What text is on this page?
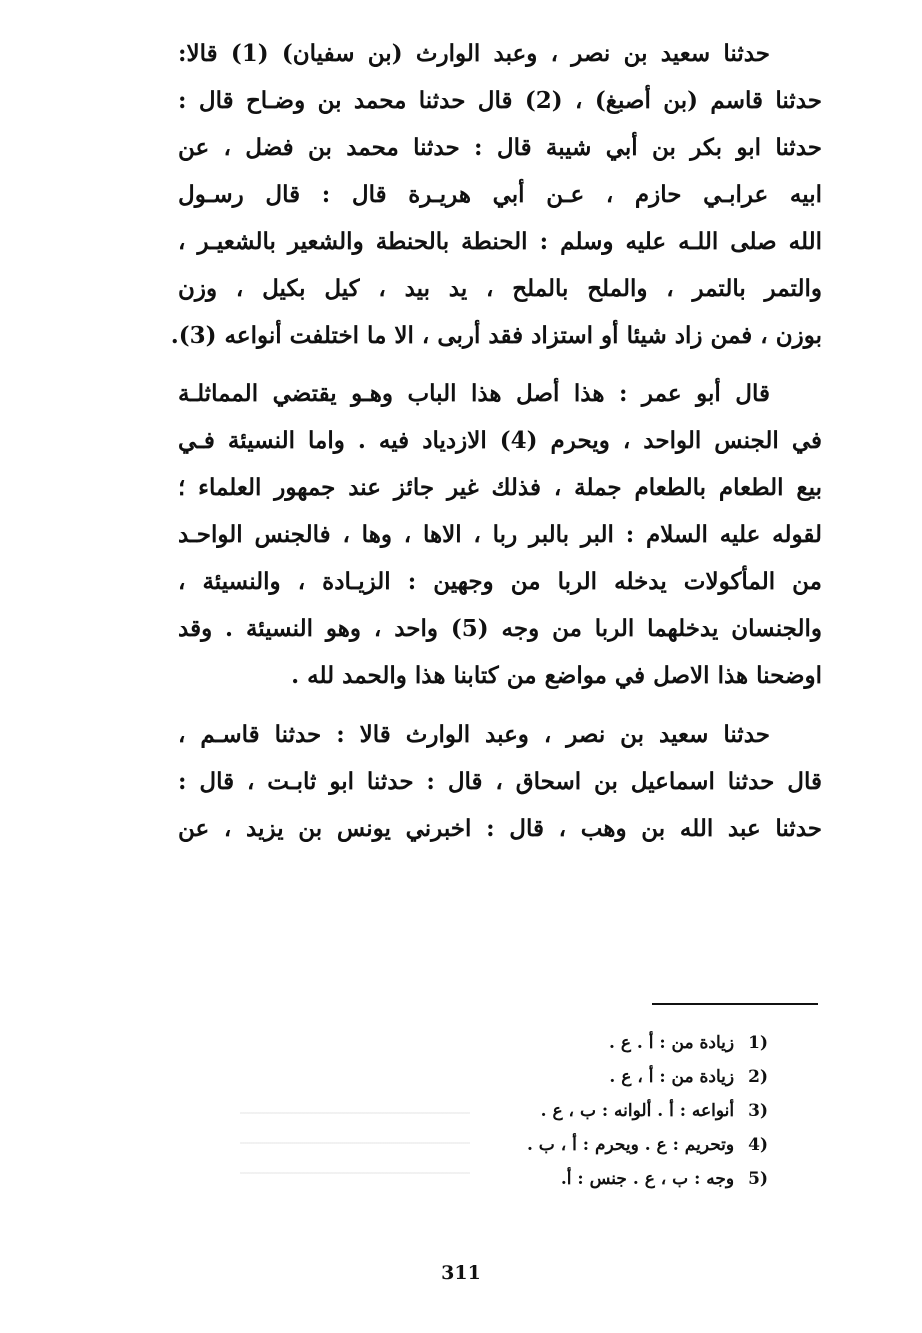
حدثنا سعيد بن نصر ، وعبد الوارث (بن سفيان) (1) قالا:
حدثنا قاسم (بن أصبغ) ، (2) قال حدثنا محمد بن وضـاح قال :
حدثنا ابو بكر بن أبي شيبة قال : حدثنا محمد بن فضل ، عن
ابيه عرابـي حازم ، عـن أبي هريـرة قال : قال رسـول
الله صلى اللـه عليه وسلم : الحنطة بالحنطة والشعير بالشعيـر ،
والتمر بالتمر ، والملح بالملح ، يد بيد ، كيل بكيل ، وزن
بوزن ، فمن زاد شيئا أو استزاد فقد أربى ، الا ما اختلفت أنواعه (3).
قال أبو عمر : هذا أصل هذا الباب وهـو يقتضي المماثلـة
في الجنس الواحد ، ويحرم (4) الازدياد فيه . واما النسيئة فـي
بيع الطعام بالطعام جملة ، فذلك غير جائز عند جمهور العلماء ؛
لقوله عليه السلام : البر بالبر ربا ، الاها ، وها ، فالجنس الواحـد
من المأكولات يدخله الربا من وجهين : الزيـادة ، والنسيئة ،
والجنسان يدخلهما الربا من وجه (5) واحد ، وهو النسيئة . وقد
اوضحنا هذا الاصل في مواضع من كتابنا هذا والحمد لله .
حدثنا سعيد بن نصر ، وعبد الوارث قالا : حدثنا قاسـم ،
قال حدثنا اسماعيل بن اسحاق ، قال : حدثنا ابو ثابـت ، قال :
حدثنا عبد الله بن وهب ، قال : اخبرني يونس بن يزيد ، عن
1)زيادة من : أ . ع .
2)زيادة من : أ ، ع .
3)أنواعه : أ . ألوانه : ب ، ع .
4)وتحريم : ع . ويحرم : أ ، ب .
5)وجه : ب ، ع . جنس : أ.
311
